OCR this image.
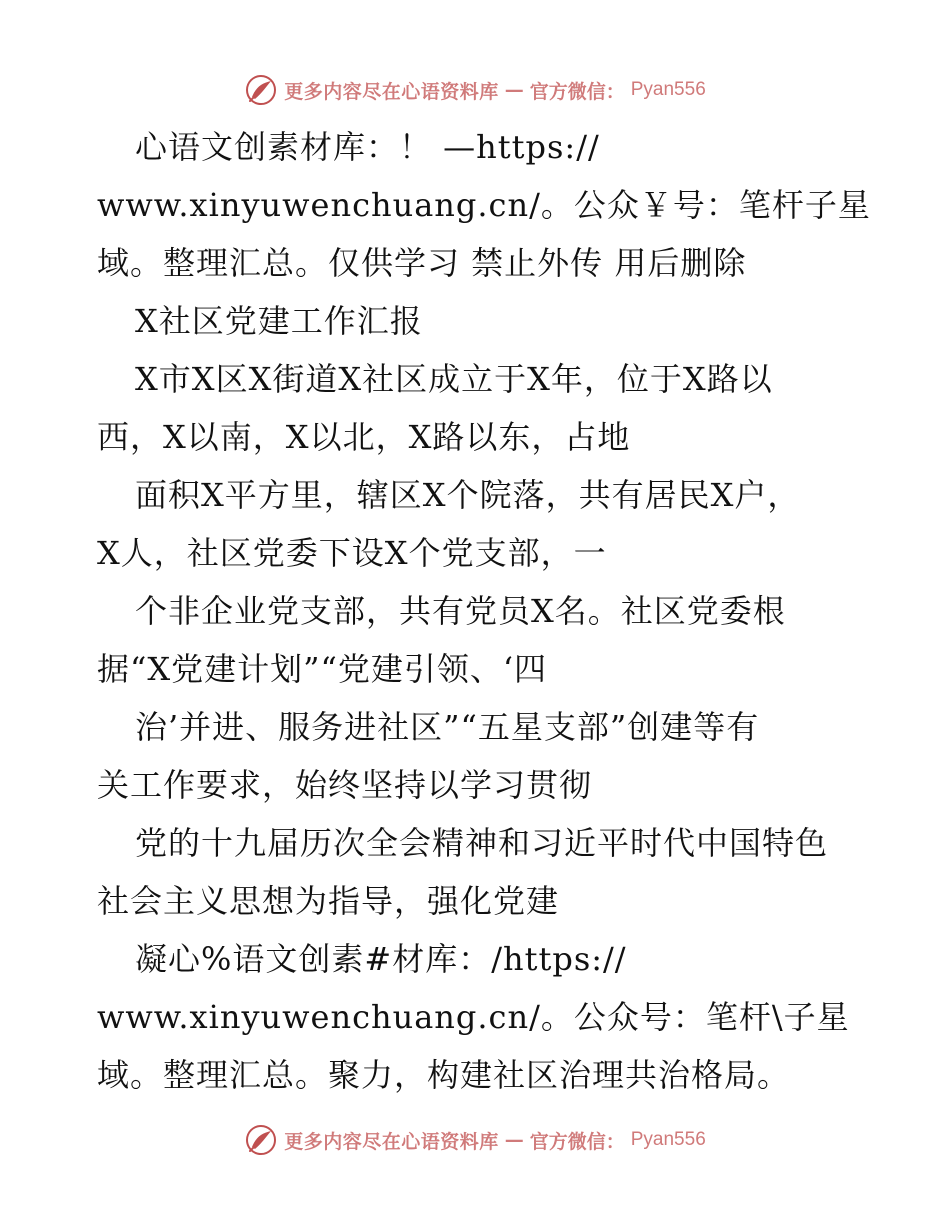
更多内容尽在心语资料库 — 官方微信： Pyan556
心语文创素材库：！ —https://
www.xinyuwenchuang.cn/。公众￥号：笔杆子星
域。整理汇总。仅供学习 禁止外传 用后删除
X社区党建工作汇报
X市X区X街道X社区成立于X年，位于X路以
西，X以南，X以北，X路以东，占地
面积X平方里，辖区X个院落，共有居民X户，
X人，社区党委下设X个党支部，一
个非企业党支部，共有党员X名。社区党委根
据“X党建计划”“党建引领、‘四
治’并进、服务进社区”“五星支部”创建等有
关工作要求，始终坚持以学习贯彻
党的十九届历次全会精神和习近平时代中国特色
社会主义思想为指导，强化党建
凝心%语文创素#材库：/https://
www.xinyuwenchuang.cn/。公众号：笔杆\子星
域。整理汇总。聚力，构建社区治理共治格局。
更多内容尽在心语资料库 — 官方微信： Pyan556
